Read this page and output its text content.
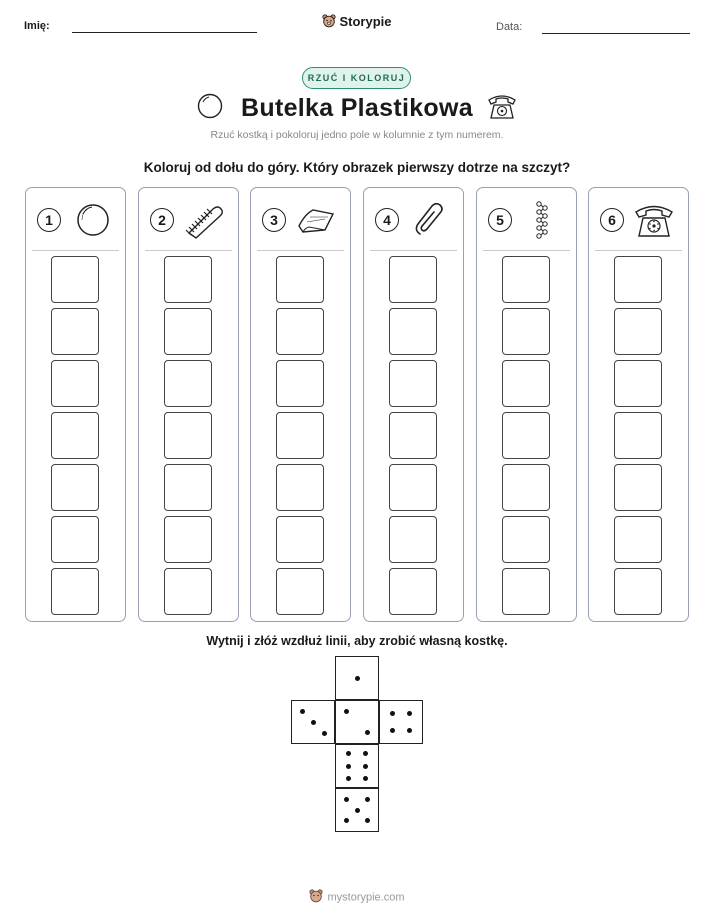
Imię:	Storypie	Data:
RZUĆ I KOLORUJ
Butelka Plastikowa
Rzuć kostką i pokoloruj jedno pole w kolumnie z tym numerem.
Koloruj od dołu do góry. Który obrazek pierwszy dotrze na szczyt?
1	2	3	4	5	6
Wytnij i złóż wzdłuż linii, aby zrobić własną kostkę.
mystorypie.com
